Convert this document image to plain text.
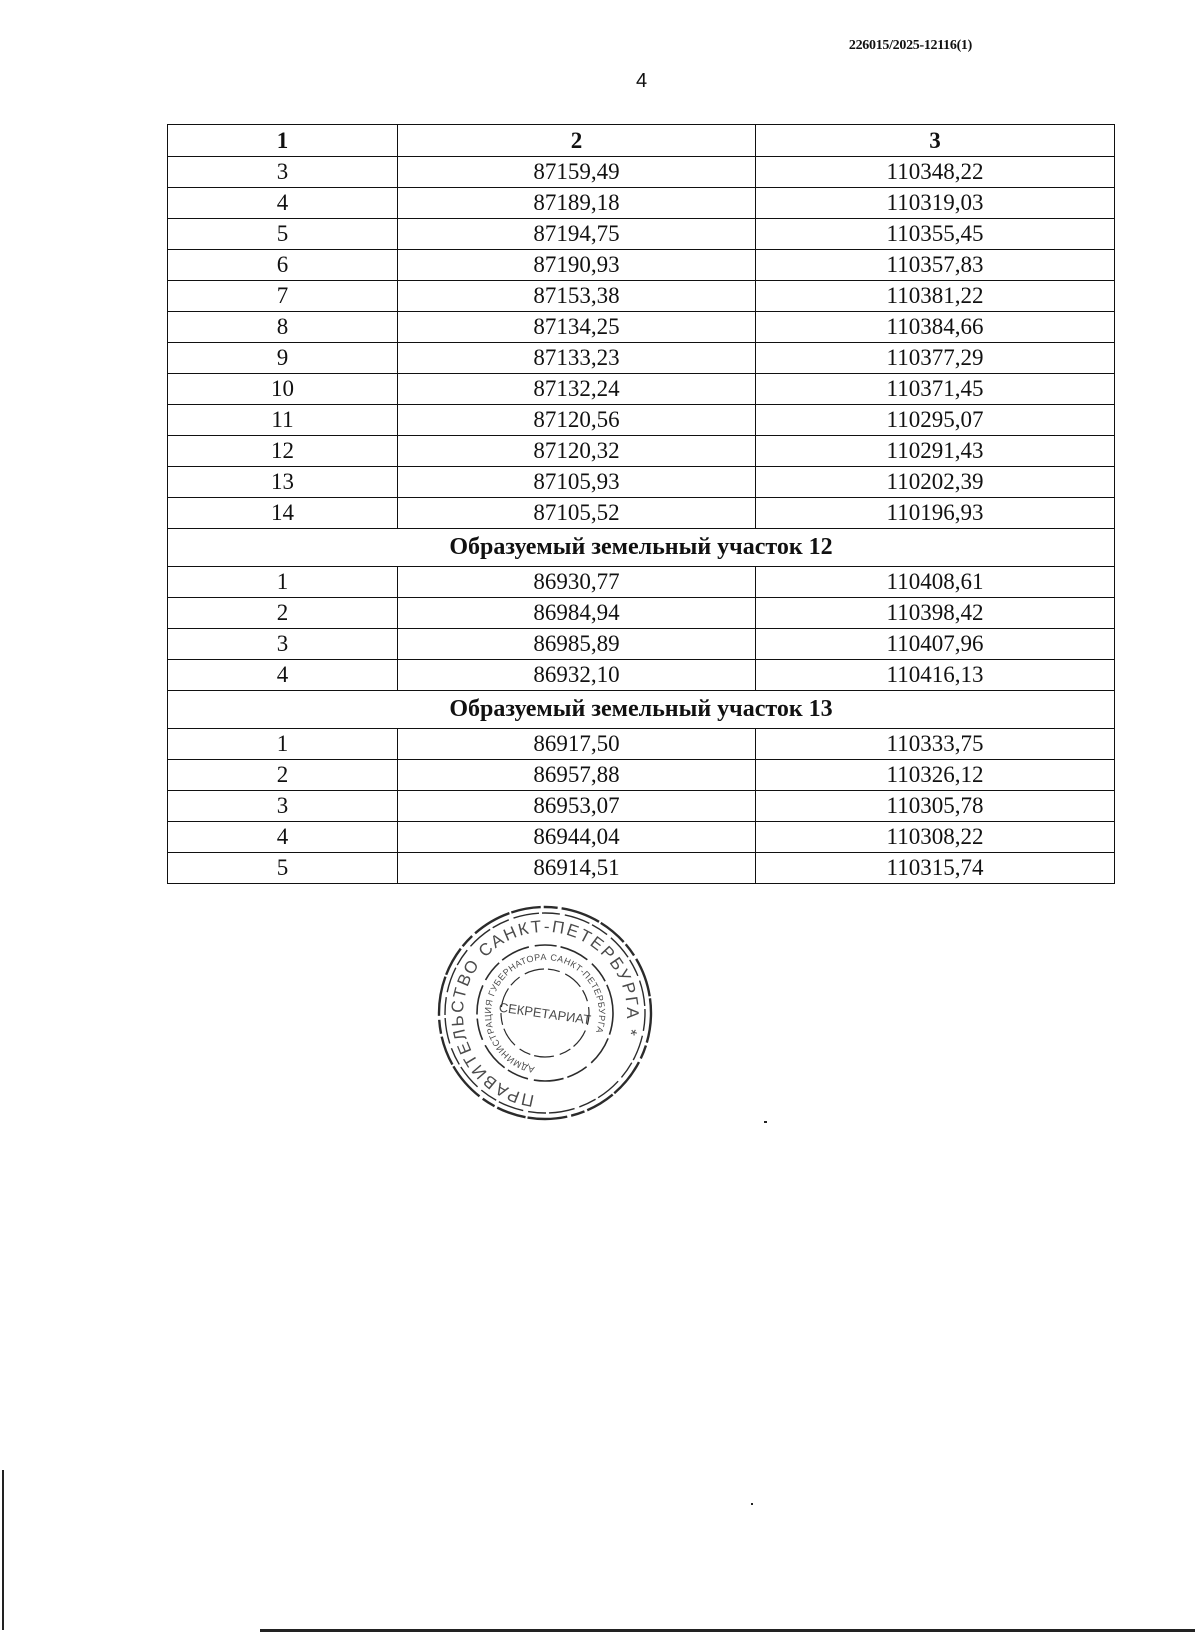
226015/2025-12116(1)
4
1	2	3
3	87159,49	110348,22
4	87189,18	110319,03
5	87194,75	110355,45
6	87190,93	110357,83
7	87153,38	110381,22
8	87134,25	110384,66
9	87133,23	110377,29
10	87132,24	110371,45
11	87120,56	110295,07
12	87120,32	110291,43
13	87105,93	110202,39
14	87105,52	110196,93
Образуемый земельный участок 12		
1	86930,77	110408,61
2	86984,94	110398,42
3	86985,89	110407,96
4	86932,10	110416,13
Образуемый земельный участок 13		
1	86917,50	110333,75
2	86957,88	110326,12
3	86953,07	110305,78
4	86944,04	110308,22
5	86914,51	110315,74
ПРАВИТЕЛЬСТВО САНКТ-ПЕТЕРБУРГА *
АДМИНИСТРАЦИЯ ГУБЕРНАТОРА САНКТ-ПЕТЕРБУРГА
СЕКРЕТАРИАТ
